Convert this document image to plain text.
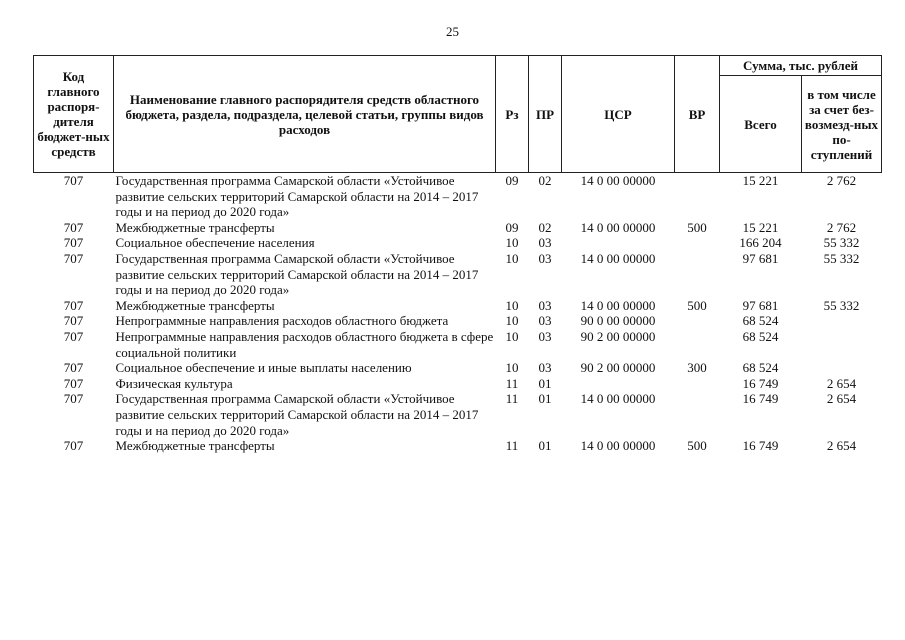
25
Код главного распоря-дителя бюджет-ных средств	Наименование главного распорядителя средств областного бюджета, раздела, подраздела, целевой статьи, группы видов расходов	Рз	ПР	ЦСР	ВР	Сумма, тыс. рублей	
						Всего	в том числе за счет без-возмезд-ных по-ступлений
707	Государственная программа Самарской области «Устойчивое развитие сельских территорий Самарской области на 2014 – 2017 годы и на период до 2020 года»	09	02	14 0 00 00000		15 221	2 762
707	Межбюджетные трансферты	09	02	14 0 00 00000	500	15 221	2 762
707	Социальное обеспечение населения	10	03			166 204	55 332
707	Государственная программа Самарской области «Устойчивое развитие сельских территорий Самарской области на 2014 – 2017 годы и на период до 2020 года»	10	03	14 0 00 00000		97 681	55 332
707	Межбюджетные трансферты	10	03	14 0 00 00000	500	97 681	55 332
707	Непрограммные направления расходов областного бюджета	10	03	90 0 00 00000		68 524	
707	Непрограммные направления расходов областного бюджета в сфере социальной политики	10	03	90 2 00 00000		68 524	
707	Социальное обеспечение и иные выплаты населению	10	03	90 2 00 00000	300	68 524	
707	Физическая культура	11	01			16 749	2 654
707	Государственная программа Самарской области «Устойчивое развитие сельских территорий Самарской области на 2014 – 2017 годы и на период до 2020 года»	11	01	14 0 00 00000		16 749	2 654
707	Межбюджетные трансферты	11	01	14 0 00 00000	500	16 749	2 654
